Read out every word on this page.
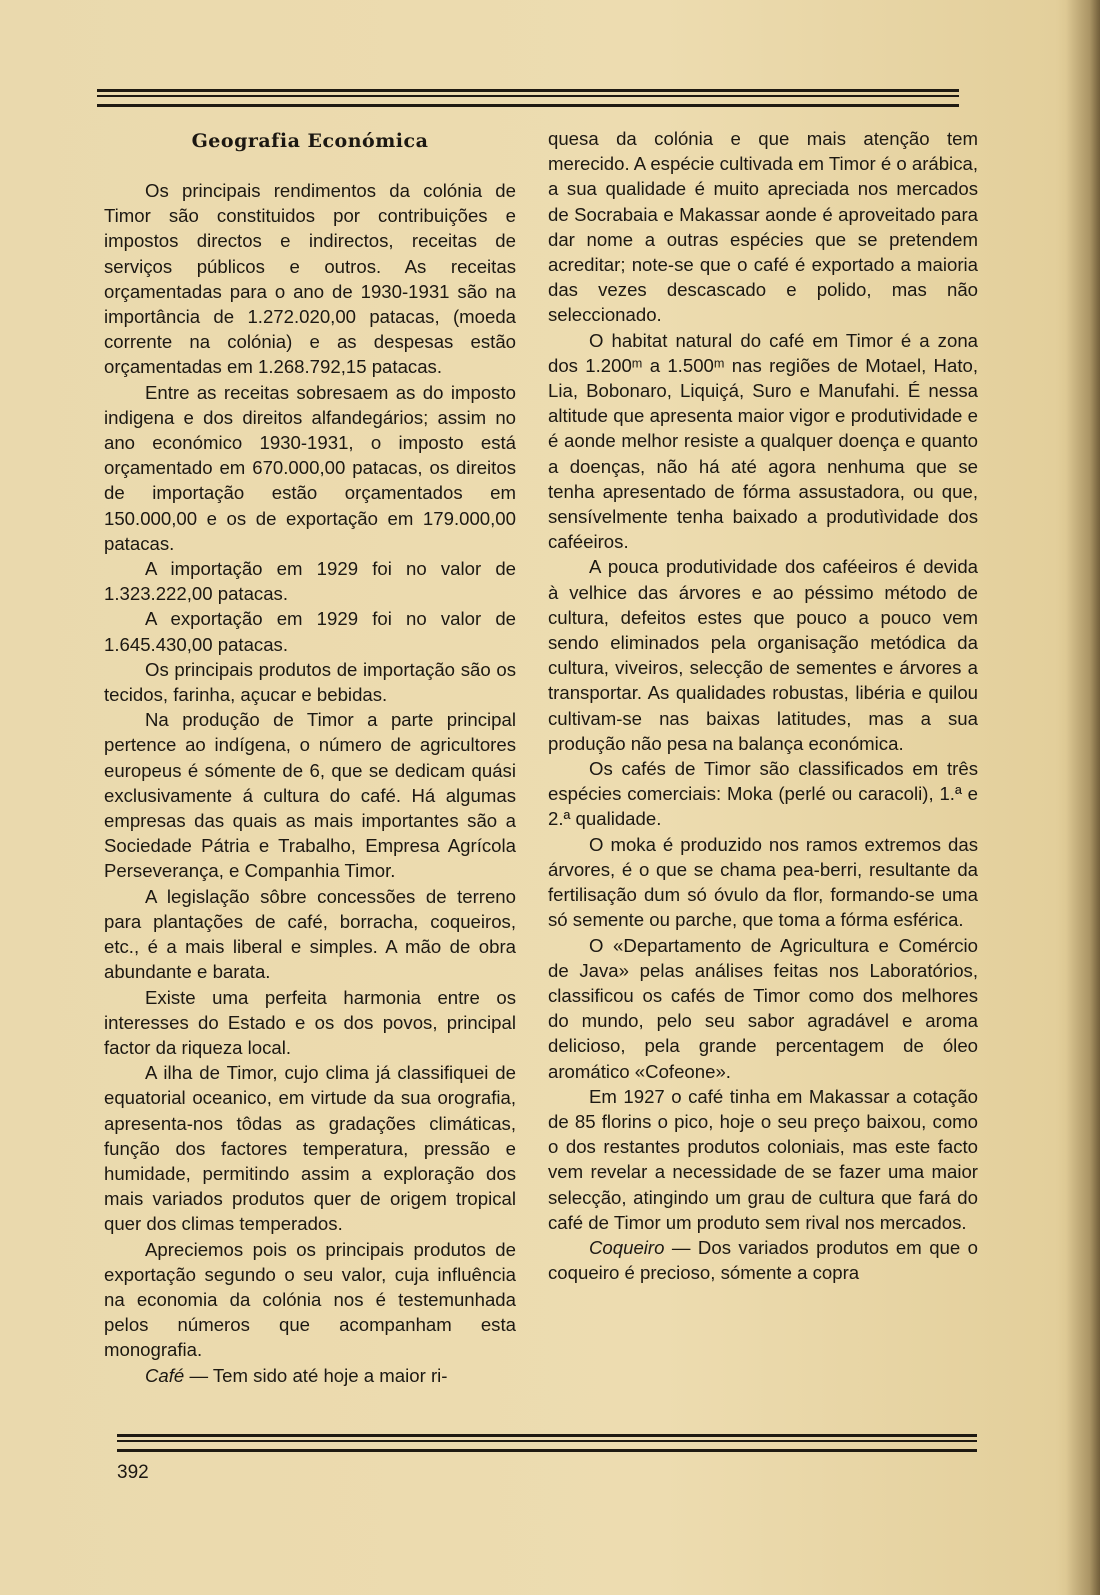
Geografia Económica

Os principais rendimentos da colónia de Timor são constituidos por contribuições e impostos directos e indirectos, receitas de serviços públicos e outros. As receitas orçamentadas para o ano de 1930-1931 são na importância de 1.272.020,00 patacas, (moeda corrente na colónia) e as despesas estão orçamentadas em 1.268.792,15 patacas.

Entre as receitas sobresaem as do imposto indigena e dos direitos alfandegários; assim no ano económico 1930-1931, o imposto está orçamentado em 670.000,00 patacas, os direitos de importação estão orçamentados em 150.000,00 e os de exportação em 179.000,00 patacas.

A importação em 1929 foi no valor de 1.323.222,00 patacas.

A exportação em 1929 foi no valor de 1.645.430,00 patacas.

Os principais produtos de importação são os tecidos, farinha, açucar e bebidas.

Na produção de Timor a parte principal pertence ao indígena, o número de agricultores europeus é sómente de 6, que se dedicam quási exclusivamente á cultura do café. Há algumas empresas das quais as mais importantes são a Sociedade Pátria e Trabalho, Empresa Agrícola Perseverança, e Companhia Timor.

A legislação sôbre concessões de terreno para plantações de café, borracha, coqueiros, etc., é a mais liberal e simples. A mão de obra abundante e barata.

Existe uma perfeita harmonia entre os interesses do Estado e os dos povos, principal factor da riqueza local.

A ilha de Timor, cujo clima já classifiquei de equatorial oceanico, em virtude da sua orografia, apresenta-nos tôdas as gradações climáticas, função dos factores temperatura, pressão e humidade, permitindo assim a exploração dos mais variados produtos quer de origem tropical quer dos climas temperados.

Apreciemos pois os principais produtos de exportação segundo o seu valor, cuja influência na economia da colónia nos é testemunhada pelos números que acompanham esta monografia.

Café — Tem sido até hoje a maior ri-

quesa da colónia e que mais atenção tem merecido. A espécie cultivada em Timor é o arábica, a sua qualidade é muito apreciada nos mercados de Socrabaia e Makassar aonde é aproveitado para dar nome a outras espécies que se pretendem acreditar; note-se que o café é exportado a maioria das vezes descascado e polido, mas não seleccionado.

O habitat natural do café em Timor é a zona dos 1.200ᵐ a 1.500ᵐ nas regiões de Motael, Hato, Lia, Bobonaro, Liquiçá, Suro e Manufahi. É nessa altitude que apresenta maior vigor e produtividade e é aonde melhor resiste a qualquer doença e quanto a doenças, não há até agora nenhuma que se tenha apresentado de fórma assustadora, ou que, sensívelmente tenha baixado a produtìvidade dos caféeiros.

A pouca produtividade dos caféeiros é devida à velhice das árvores e ao péssimo método de cultura, defeitos estes que pouco a pouco vem sendo eliminados pela organisação metódica da cultura, viveiros, selecção de sementes e árvores a transportar. As qualidades robustas, libéria e quilou cultivam-se nas baixas latitudes, mas a sua produção não pesa na balança económica.

Os cafés de Timor são classificados em três espécies comerciais: Moka (perlé ou caracoli), 1.ª e 2.ª qualidade.

O moka é produzido nos ramos extremos das árvores, é o que se chama pea-berri, resultante da fertilisação dum só óvulo da flor, formando-se uma só semente ou parche, que toma a fórma esférica.

O «Departamento de Agricultura e Comércio de Java» pelas análises feitas nos Laboratórios, classificou os cafés de Timor como dos melhores do mundo, pelo seu sabor agradável e aroma delicioso, pela grande percentagem de óleo aromático «Cofeone».

Em 1927 o café tinha em Makassar a cotação de 85 florins o pico, hoje o seu preço baixou, como o dos restantes produtos coloniais, mas este facto vem revelar a necessidade de se fazer uma maior selecção, atingindo um grau de cultura que fará do café de Timor um produto sem rival nos mercados.

Coqueiro — Dos variados produtos em que o coqueiro é precioso, sómente a copra

392
